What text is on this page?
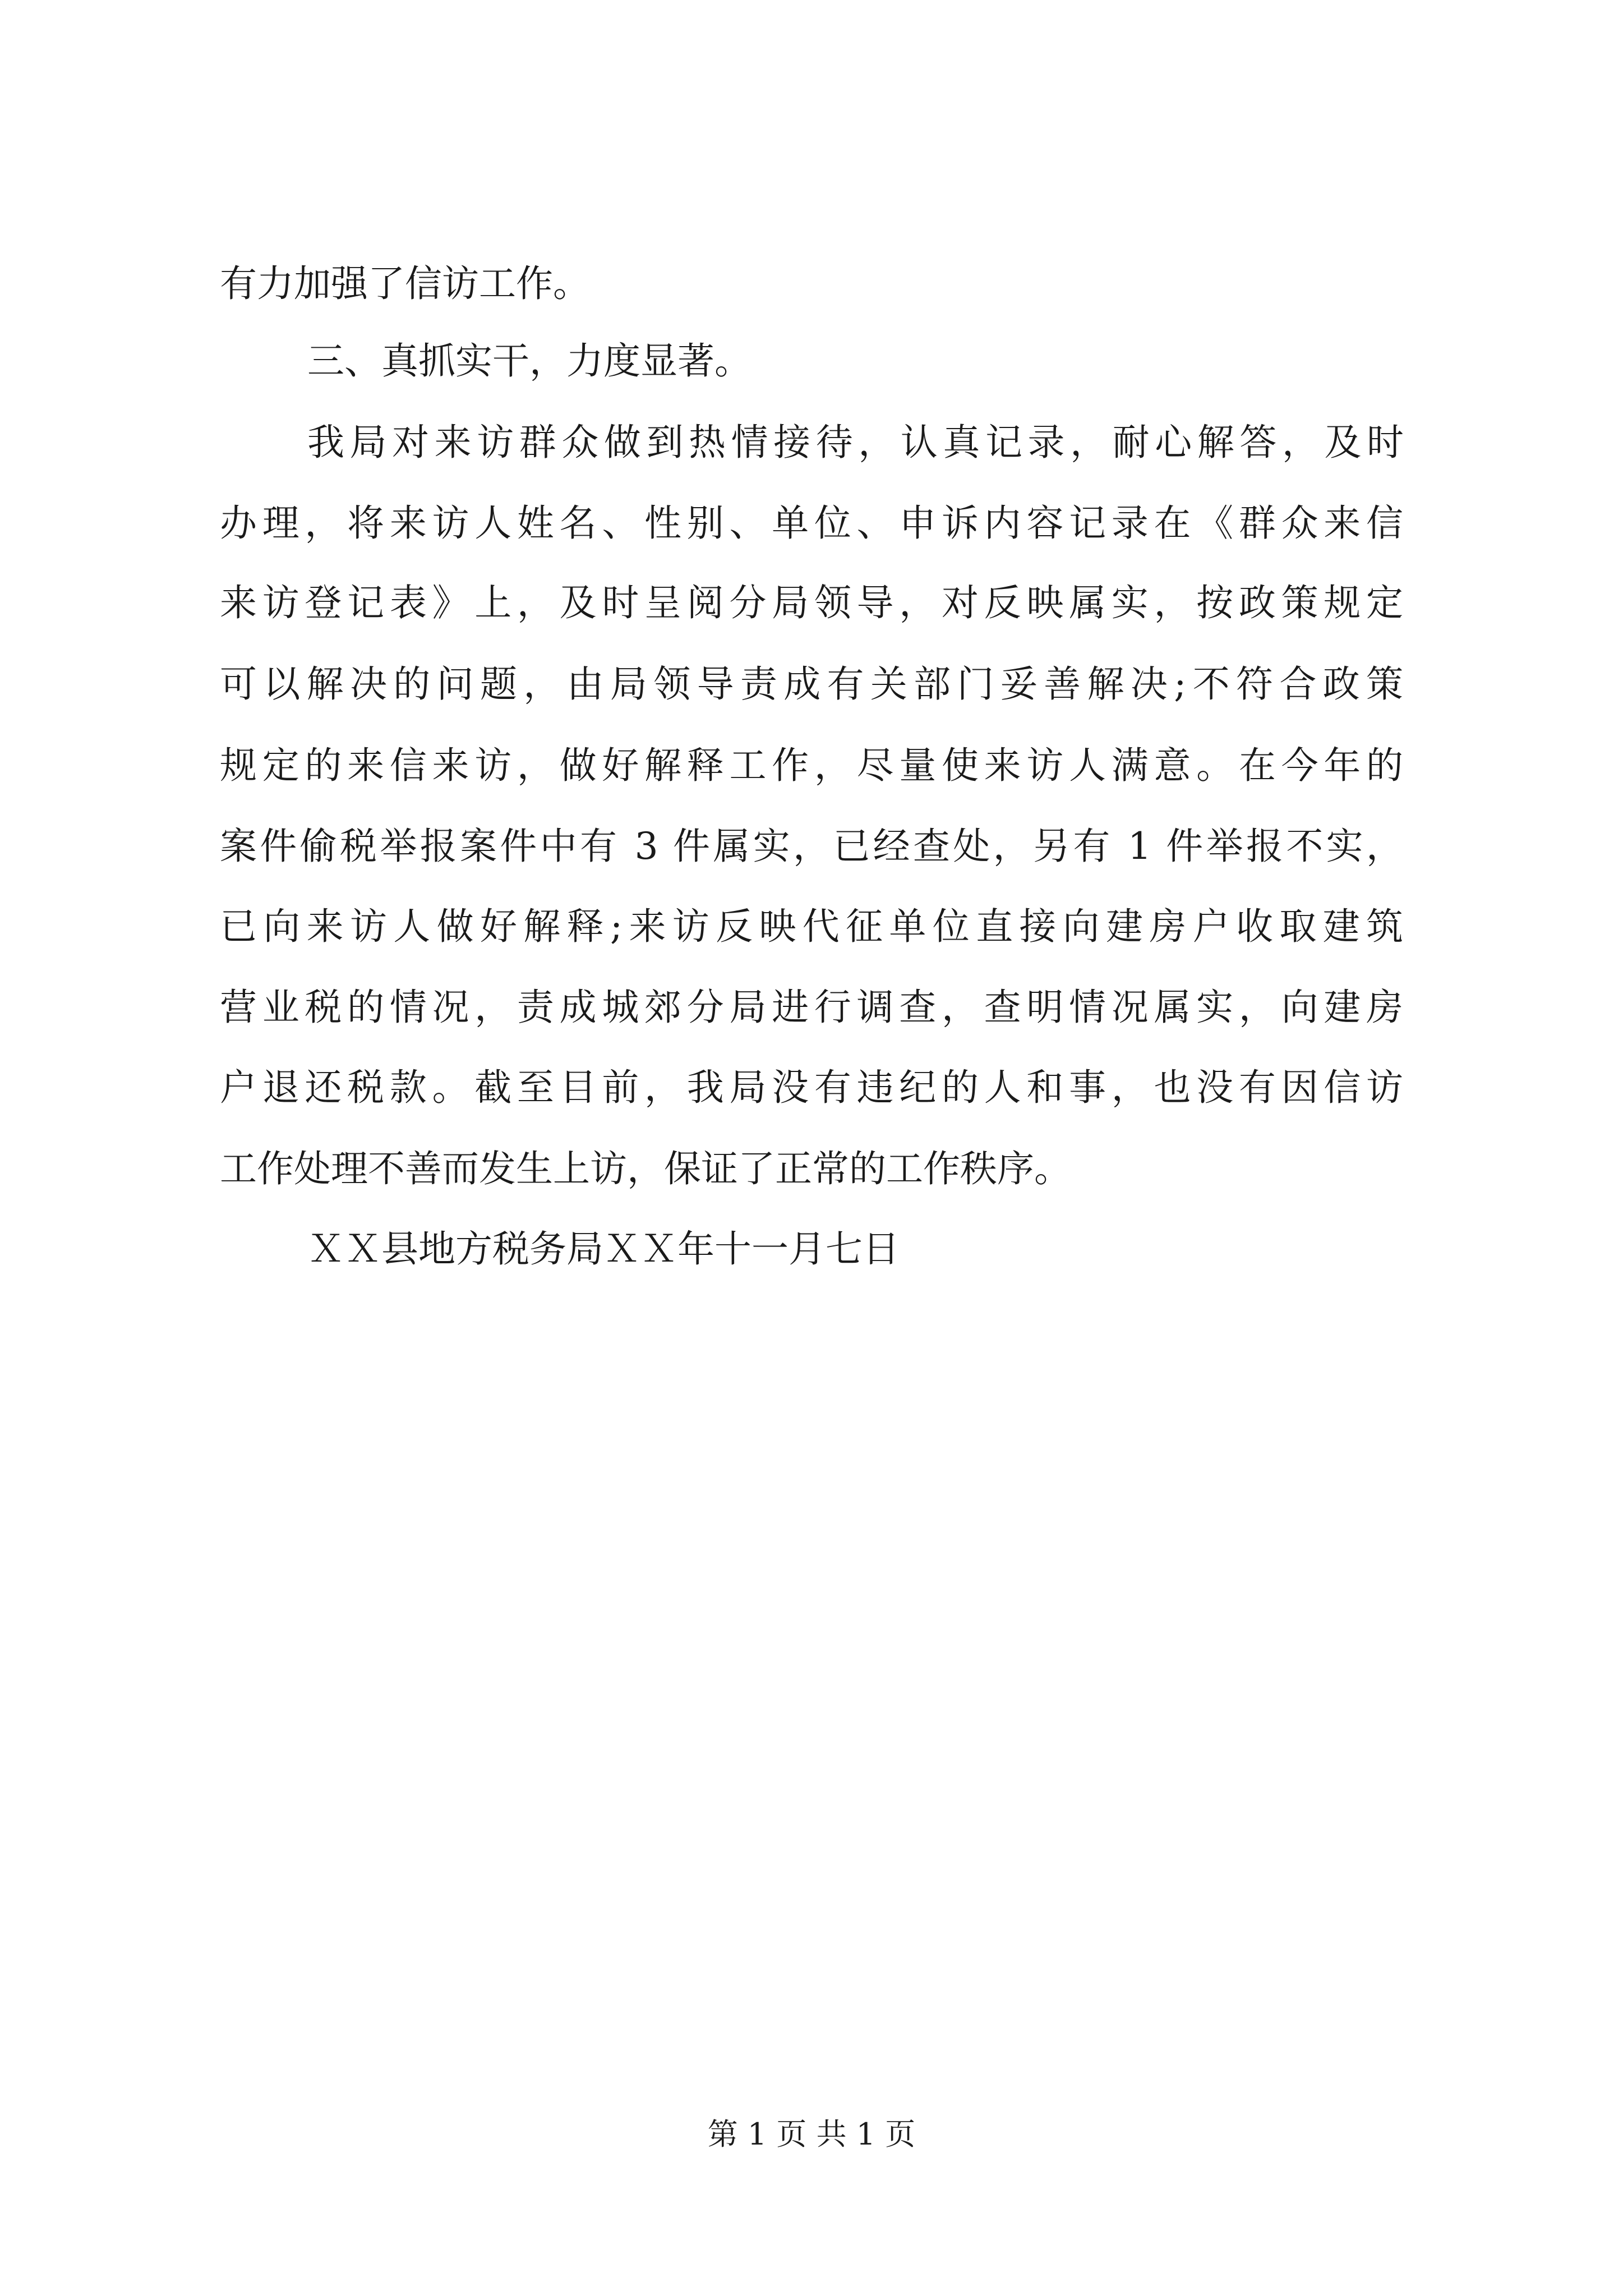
有力加强了信访工作。
三、真抓实干，力度显著。
我局对来访群众做到热情接待，认真记录，耐心解答，及时
办理，将来访人姓名、性别、单位、申诉内容记录在《群众来信
来访登记表》上，及时呈阅分局领导，对反映属实，按政策规定
可以解决的问题，由局领导责成有关部门妥善解决;不符合政策
规定的来信来访，做好解释工作，尽量使来访人满意。在今年的
案件偷税举报案件中有 3 件属实，已经查处，另有 1 件举报不实，
已向来访人做好解释;来访反映代征单位直接向建房户收取建筑
营业税的情况，责成城郊分局进行调查，查明情况属实，向建房
户退还税款。截至目前，我局没有违纪的人和事，也没有因信访
工作处理不善而发生上访，保证了正常的工作秩序。
ＸＸ县地方税务局ＸＸ年十一月七日
第 1 页 共 1 页
